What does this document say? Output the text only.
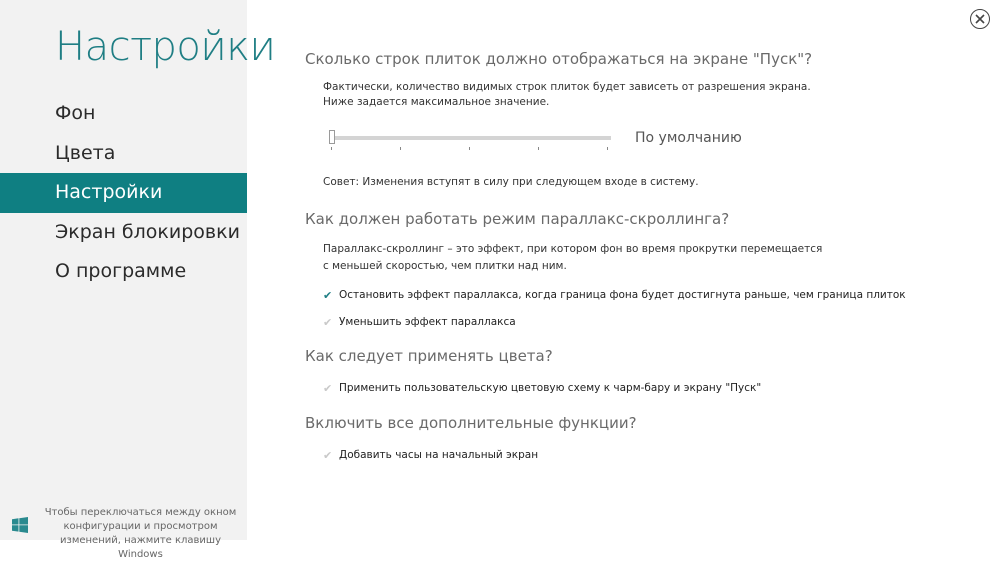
Настройки
Фон
Цвета
Настройки
Экран блокировки
О программе
Чтобы переключаться между окном конфигурации и просмотром изменений, нажмите клавишу Windows
Сколько строк плиток должно отображаться на экране "Пуск"?
Фактически, количество видимых строк плиток будет зависеть от разрешения экрана.
Ниже задается максимальное значение.
По умолчанию
Совет: Изменения вступят в силу при следующем входе в систему.
Как должен работать режим параллакс-скроллинга?
Параллакс-скроллинг – это эффект, при котором фон во время прокрутки перемещается
с меньшей скоростью, чем плитки над ним.
✔ Остановить эффект параллакса, когда граница фона будет достигнута раньше, чем граница плиток
✔ Уменьшить эффект параллакса
Как следует применять цвета?
✔ Применить пользовательскую цветовую схему к чарм-бару и экрану "Пуск"
Включить все дополнительные функции?
✔ Добавить часы на начальный экран
